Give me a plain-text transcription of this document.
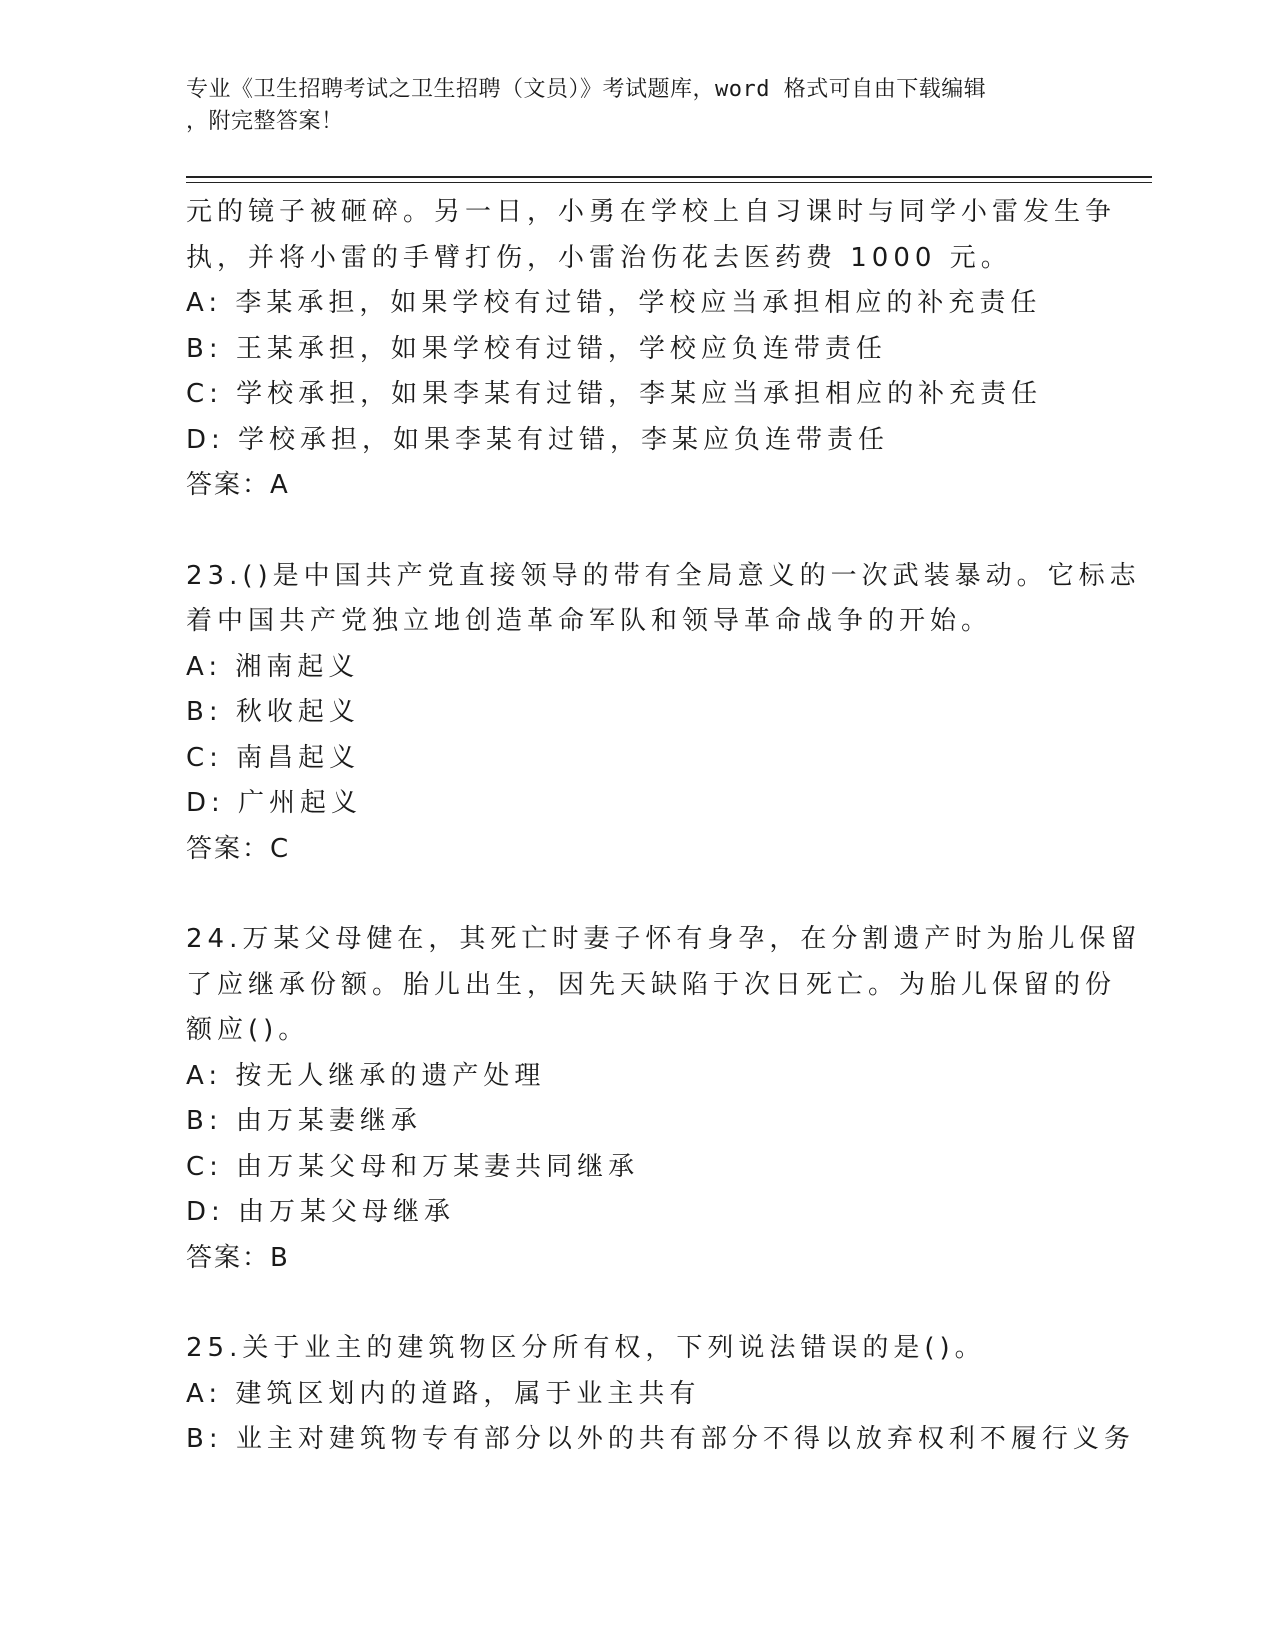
专业《卫生招聘考试之卫生招聘（文员）》考试题库，word 格式可自由下载编辑
，附完整答案！
元的镜子被砸碎。另一日，小勇在学校上自习课时与同学小雷发生争
执，并将小雷的手臂打伤，小雷治伤花去医药费 1000 元。
A: 李某承担，如果学校有过错，学校应当承担相应的补充责任
B: 王某承担，如果学校有过错，学校应负连带责任
C: 学校承担，如果李某有过错，李某应当承担相应的补充责任
D: 学校承担，如果李某有过错，李某应负连带责任
答案：A
23.()是中国共产党直接领导的带有全局意义的一次武装暴动。它标志
着中国共产党独立地创造革命军队和领导革命战争的开始。
A: 湘南起义
B: 秋收起义
C: 南昌起义
D: 广州起义
答案：C
24.万某父母健在，其死亡时妻子怀有身孕，在分割遗产时为胎儿保留
了应继承份额。胎儿出生，因先天缺陷于次日死亡。为胎儿保留的份
额应()。
A: 按无人继承的遗产处理
B: 由万某妻继承
C: 由万某父母和万某妻共同继承
D: 由万某父母继承
答案：B
25.关于业主的建筑物区分所有权，下列说法错误的是()。
A: 建筑区划内的道路，属于业主共有
B: 业主对建筑物专有部分以外的共有部分不得以放弃权利不履行义务
